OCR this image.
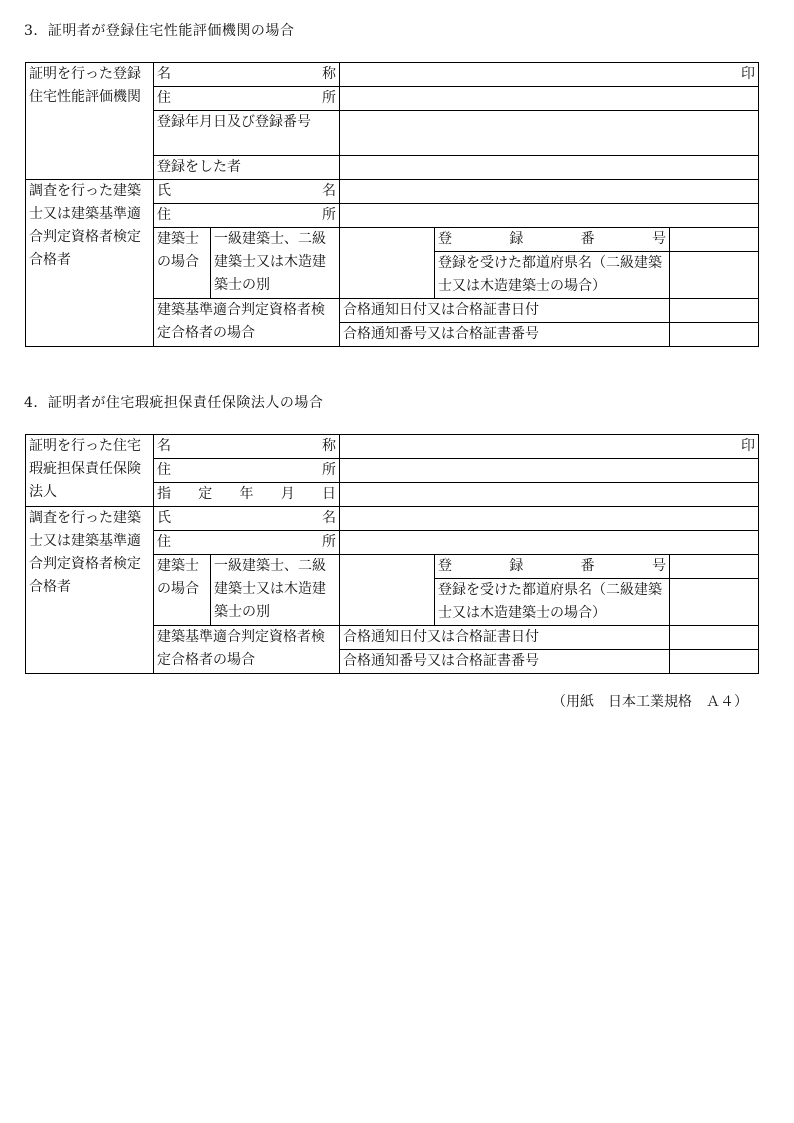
3．証明者が登録住宅性能評価機関の場合
証明を行った登録住宅性能評価機関	名　　称		印		
	住　　所				
	登録年月日及び登録番号				
	登録をした者				
調査を行った建築士又は建築基準適合判定資格者検定合格者	氏　　名				
	住　　所				
	建築士の場合	一級建築士、二級建築士又は木造建築士の別		登　録　番　号	
				登録を受けた都道府県名（二級建築士又は木造建築士の場合）	
	建築基準適合判定資格者検定合格者の場合		合格通知日付又は合格証書日付		
			合格通知番号又は合格証書番号		
4．証明者が住宅瑕疵担保責任保険法人の場合
証明を行った住宅瑕疵担保責任保険法人	名　　称		印		
	住　　所				
	指定年月日				
調査を行った建築士又は建築基準適合判定資格者検定合格者	氏　　名				
	住　　所				
	建築士の場合	一級建築士、二級建築士又は木造建築士の別		登　録　番　号	
				登録を受けた都道府県名（二級建築士又は木造建築士の場合）	
	建築基準適合判定資格者検定合格者の場合		合格通知日付又は合格証書日付		
			合格通知番号又は合格証書番号		
（用紙　日本工業規格　Ａ４）
